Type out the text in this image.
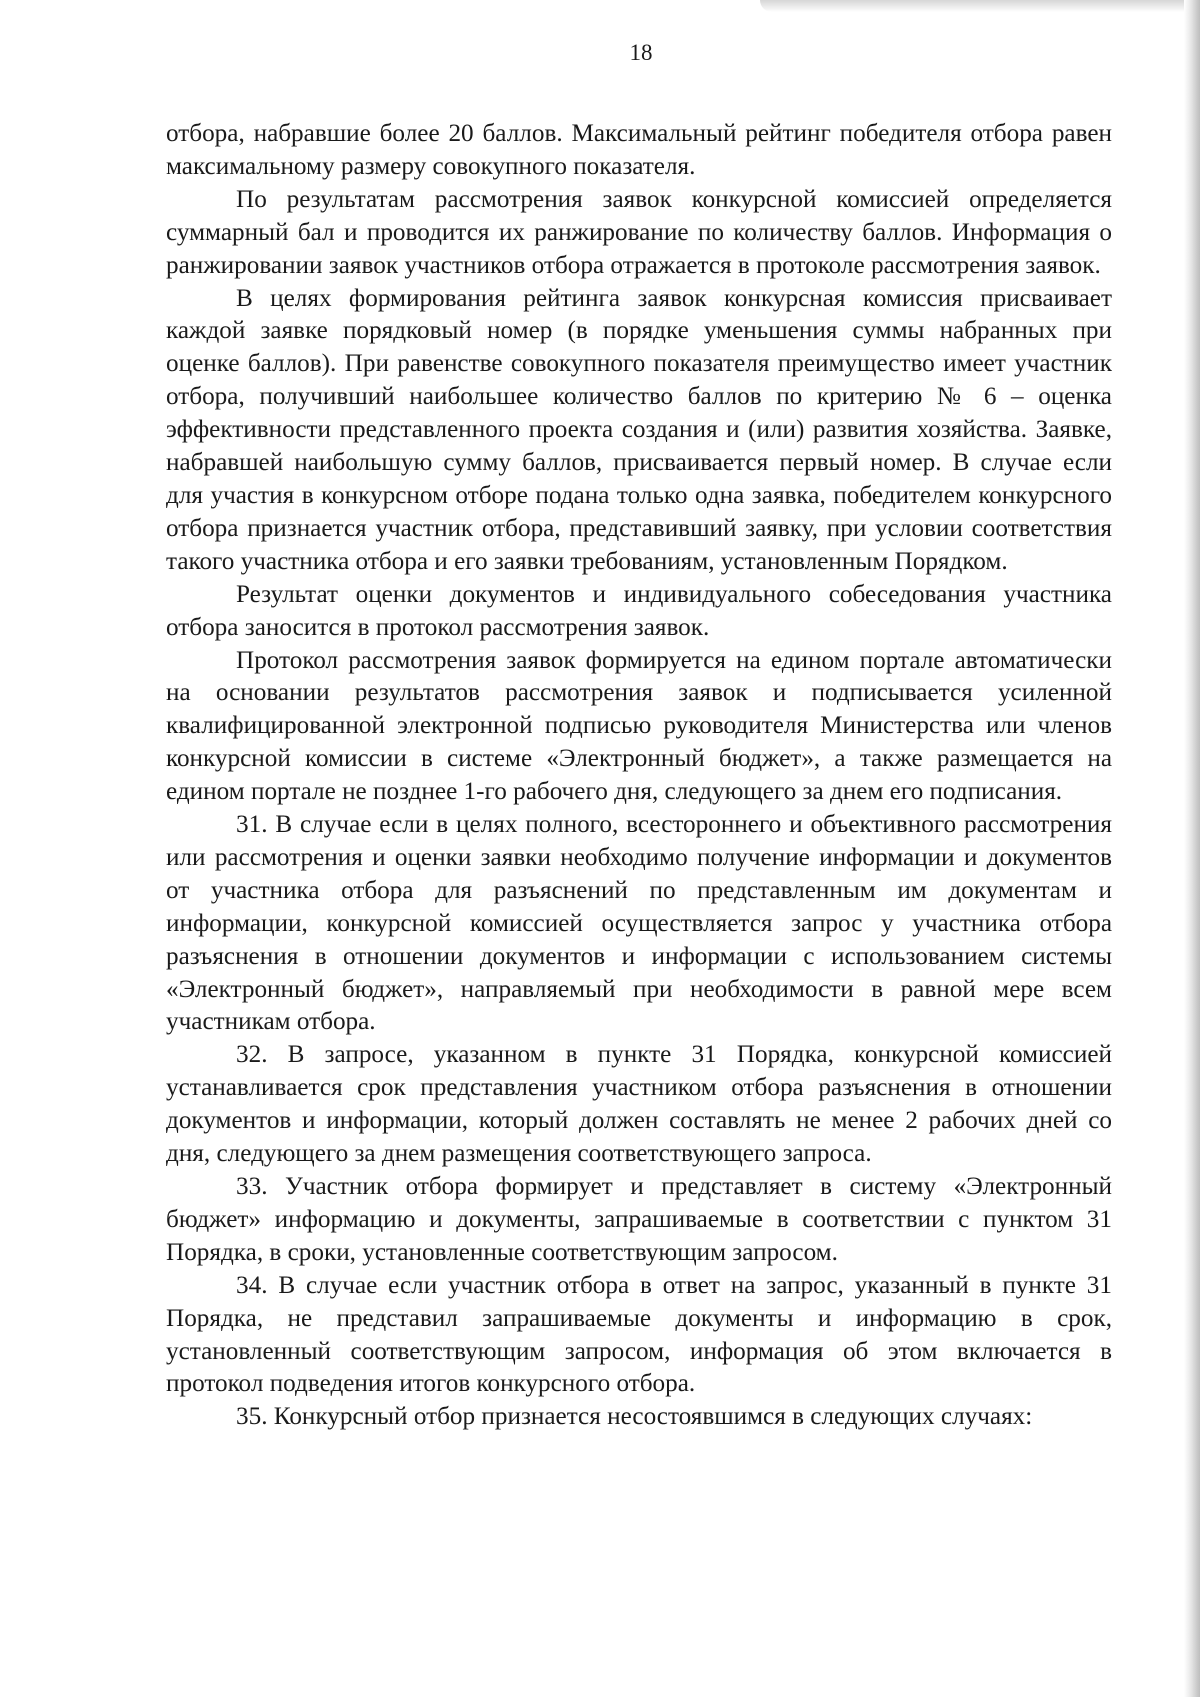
18

отбора, набравшие более 20 баллов. Максимальный рейтинг победителя отбора равен максимальному размеру совокупного показателя.

По результатам рассмотрения заявок конкурсной комиссией определяется суммарный бал и проводится их ранжирование по количеству баллов. Информация о ранжировании заявок участников отбора отражается в протоколе рассмотрения заявок.

В целях формирования рейтинга заявок конкурсная комиссия присваивает каждой заявке порядковый номер (в порядке уменьшения суммы набранных при оценке баллов). При равенстве совокупного показателя преимущество имеет участник отбора, получивший наибольшее количество баллов по критерию № 6 – оценка эффективности представленного проекта создания и (или) развития хозяйства. Заявке, набравшей наибольшую сумму баллов, присваивается первый номер. В случае если для участия в конкурсном отборе подана только одна заявка, победителем конкурсного отбора признается участник отбора, представивший заявку, при условии соответствия такого участника отбора и его заявки требованиям, установленным Порядком.

Результат оценки документов и индивидуального собеседования участника отбора заносится в протокол рассмотрения заявок.

Протокол рассмотрения заявок формируется на едином портале автоматически на основании результатов рассмотрения заявок и подписывается усиленной квалифицированной электронной подписью руководителя Министерства или членов конкурсной комиссии в системе «Электронный бюджет», а также размещается на едином портале не позднее 1-го рабочего дня, следующего за днем его подписания.

31. В случае если в целях полного, всестороннего и объективного рассмотрения или рассмотрения и оценки заявки необходимо получение информации и документов от участника отбора для разъяснений по представленным им документам и информации, конкурсной комиссией осуществляется запрос у участника отбора разъяснения в отношении документов и информации с использованием системы «Электронный бюджет», направляемый при необходимости в равной мере всем участникам отбора.

32. В запросе, указанном в пункте 31 Порядка, конкурсной комиссией устанавливается срок представления участником отбора разъяснения в отношении документов и информации, который должен составлять не менее 2 рабочих дней со дня, следующего за днем размещения соответствующего запроса.

33. Участник отбора формирует и представляет в систему «Электронный бюджет» информацию и документы, запрашиваемые в соответствии с пунктом 31 Порядка, в сроки, установленные соответствующим запросом.

34. В случае если участник отбора в ответ на запрос, указанный в пункте 31 Порядка, не представил запрашиваемые документы и информацию в срок, установленный соответствующим запросом, информация об этом включается в протокол подведения итогов конкурсного отбора.

35. Конкурсный отбор признается несостоявшимся в следующих случаях:
